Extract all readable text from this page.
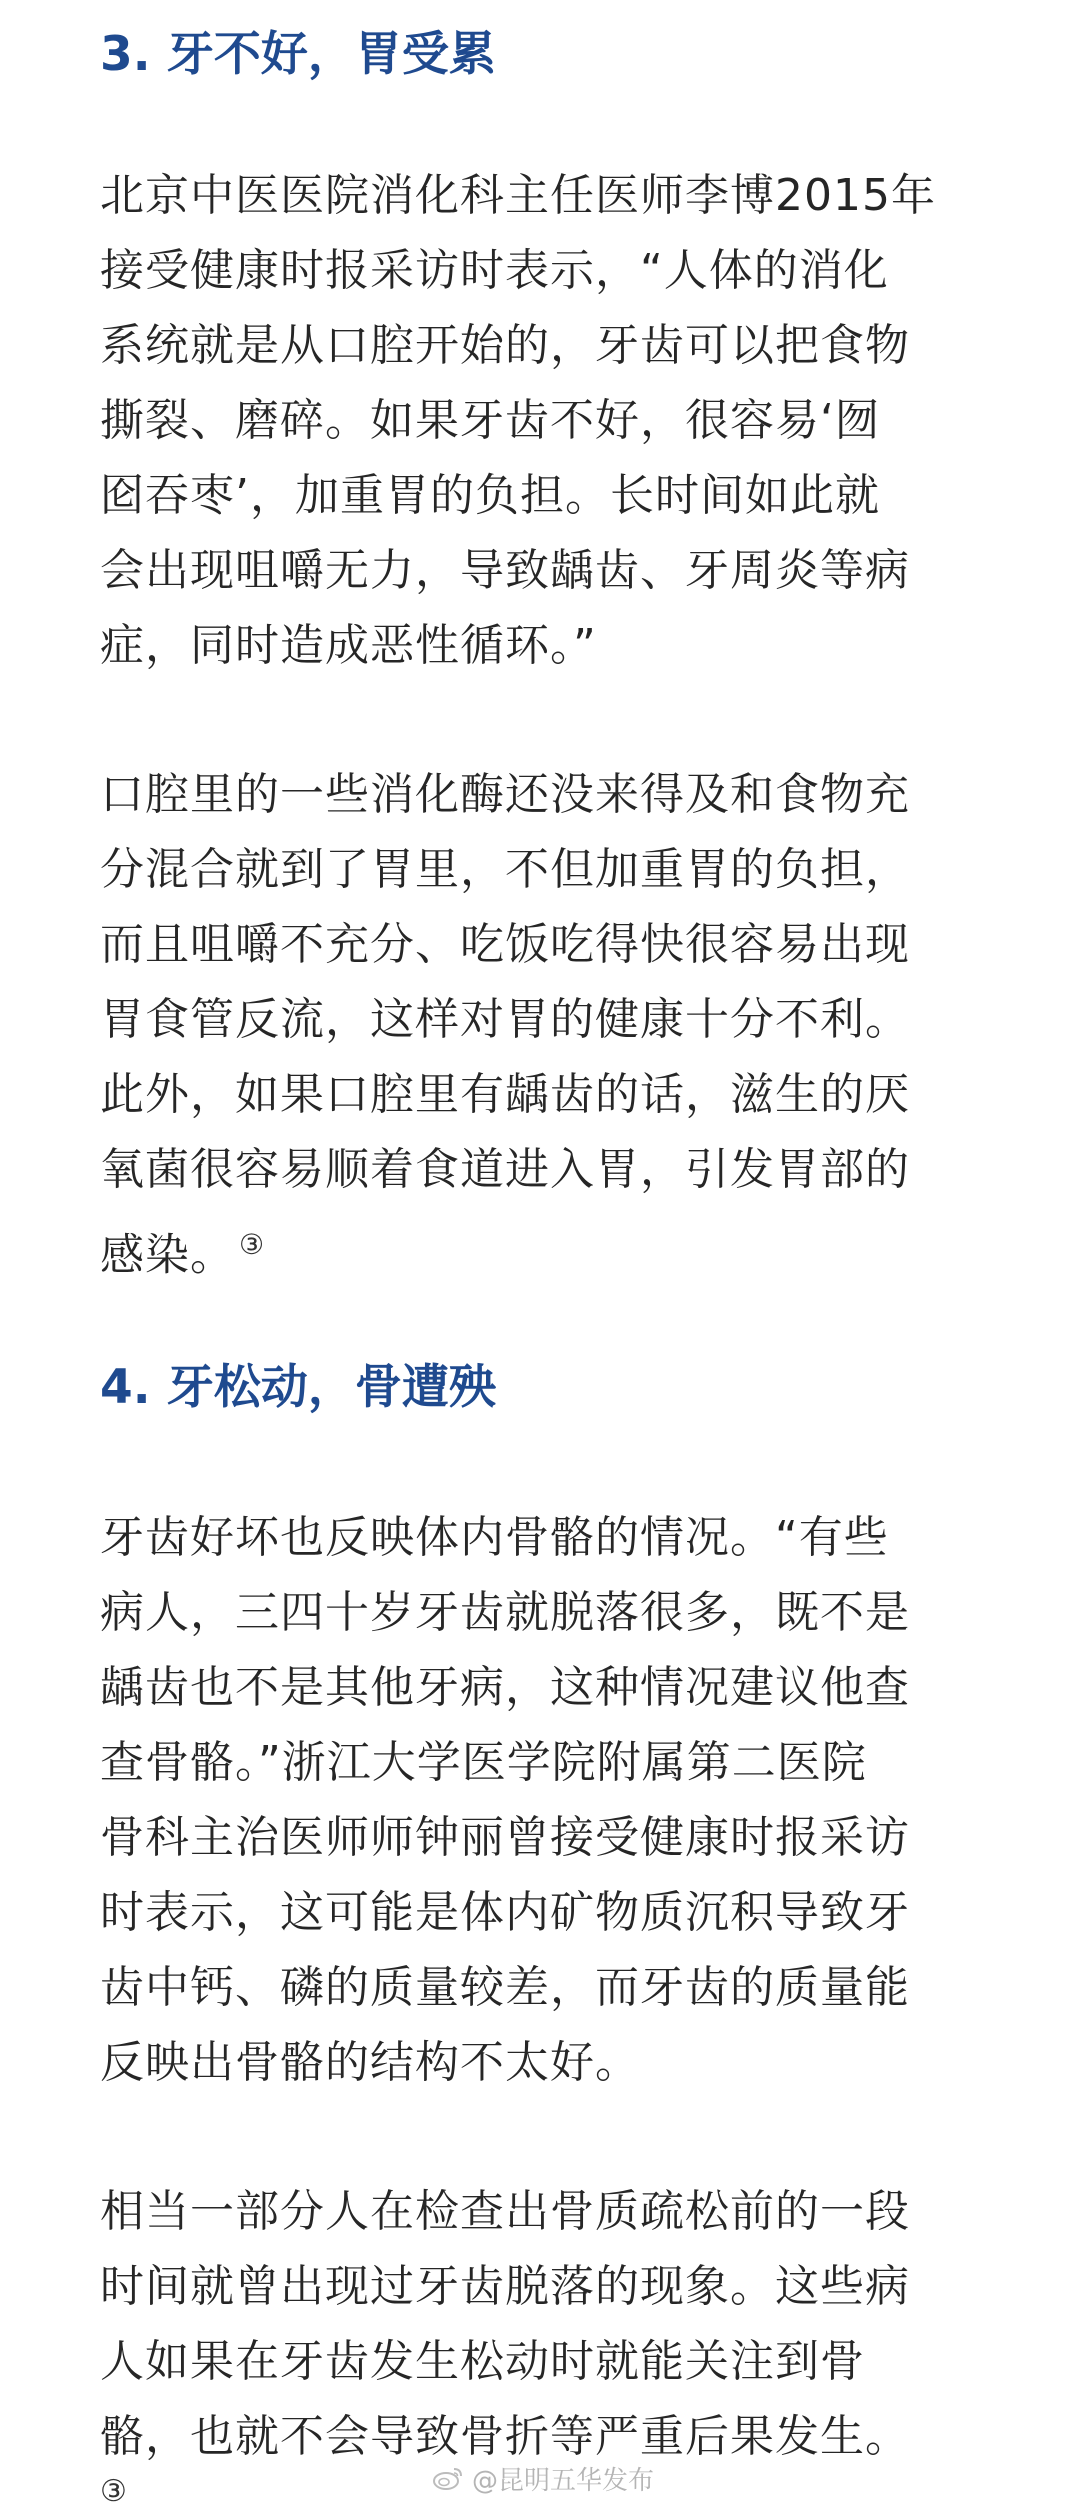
3. 牙不好，胃受累

北京中医医院消化科主任医师李博2015年
接受健康时报采访时表示，“人体的消化
系统就是从口腔开始的，牙齿可以把食物
撕裂、磨碎。如果牙齿不好，很容易‘囫
囵吞枣’，加重胃的负担。长时间如此就
会出现咀嚼无力，导致龋齿、牙周炎等病
症，同时造成恶性循环。”

口腔里的一些消化酶还没来得及和食物充
分混合就到了胃里，不但加重胃的负担，
而且咀嚼不充分、吃饭吃得快很容易出现
胃食管反流，这样对胃的健康十分不利。
此外，如果口腔里有龋齿的话，滋生的厌
氧菌很容易顺着食道进入胃，引发胃部的
感染。 ③

4. 牙松动，骨遭殃

牙齿好坏也反映体内骨骼的情况。“有些
病人，三四十岁牙齿就脱落很多，既不是
龋齿也不是其他牙病，这种情况建议他查
查骨骼。”浙江大学医学院附属第二医院
骨科主治医师师钟丽曾接受健康时报采访
时表示，这可能是体内矿物质沉积导致牙
齿中钙、磷的质量较差，而牙齿的质量能
反映出骨骼的结构不太好。

相当一部分人在检查出骨质疏松前的一段
时间就曾出现过牙齿脱落的现象。这些病
人如果在牙齿发生松动时就能关注到骨
骼，也就不会导致骨折等严重后果发生。

③	@昆明五华发布
